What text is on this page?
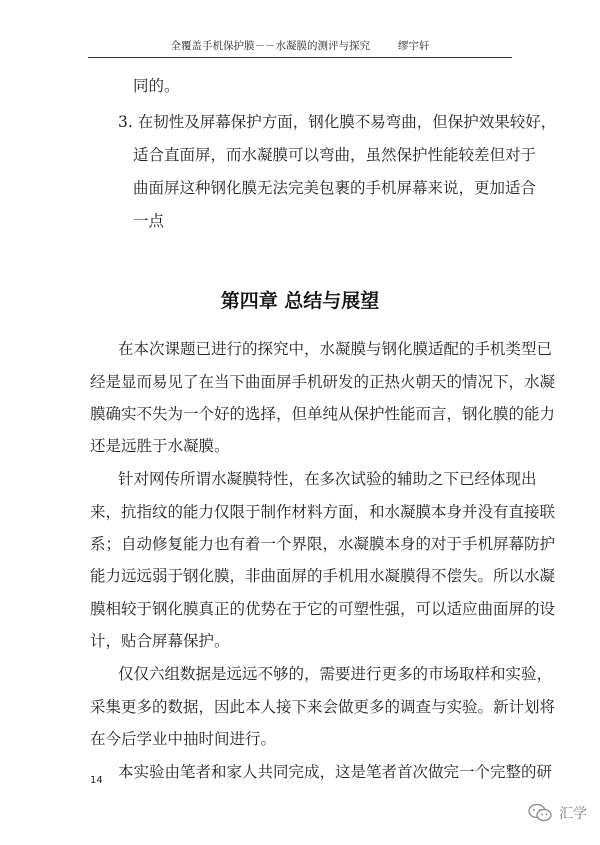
全覆盖手机保护膜－－水凝膜的测评与探究	缪宇轩
同的。
3. 在韧性及屏幕保护方面，钢化膜不易弯曲，但保护效果较好，
适合直面屏，而水凝膜可以弯曲，虽然保护性能较差但对于
曲面屏这种钢化膜无法完美包裹的手机屏幕来说，更加适合
一点
第四章 总结与展望
在本次课题已进行的探究中，水凝膜与钢化膜适配的手机类型已
经是显而易见了在当下曲面屏手机研发的正热火朝天的情况下，水凝
膜确实不失为一个好的选择，但单纯从保护性能而言，钢化膜的能力
还是远胜于水凝膜。
针对网传所谓水凝膜特性，在多次试验的辅助之下已经体现出
来，抗指纹的能力仅限于制作材料方面，和水凝膜本身并没有直接联
系；自动修复能力也有着一个界限，水凝膜本身的对于手机屏幕防护
能力远远弱于钢化膜，非曲面屏的手机用水凝膜得不偿失。所以水凝
膜相较于钢化膜真正的优势在于它的可塑性强，可以适应曲面屏的设
计，贴合屏幕保护。
仅仅六组数据是远远不够的，需要进行更多的市场取样和实验，
采集更多的数据，因此本人接下来会做更多的调查与实验。新计划将
在今后学业中抽时间进行。
本实验由笔者和家人共同完成，这是笔者首次做完一个完整的研
14
汇学
